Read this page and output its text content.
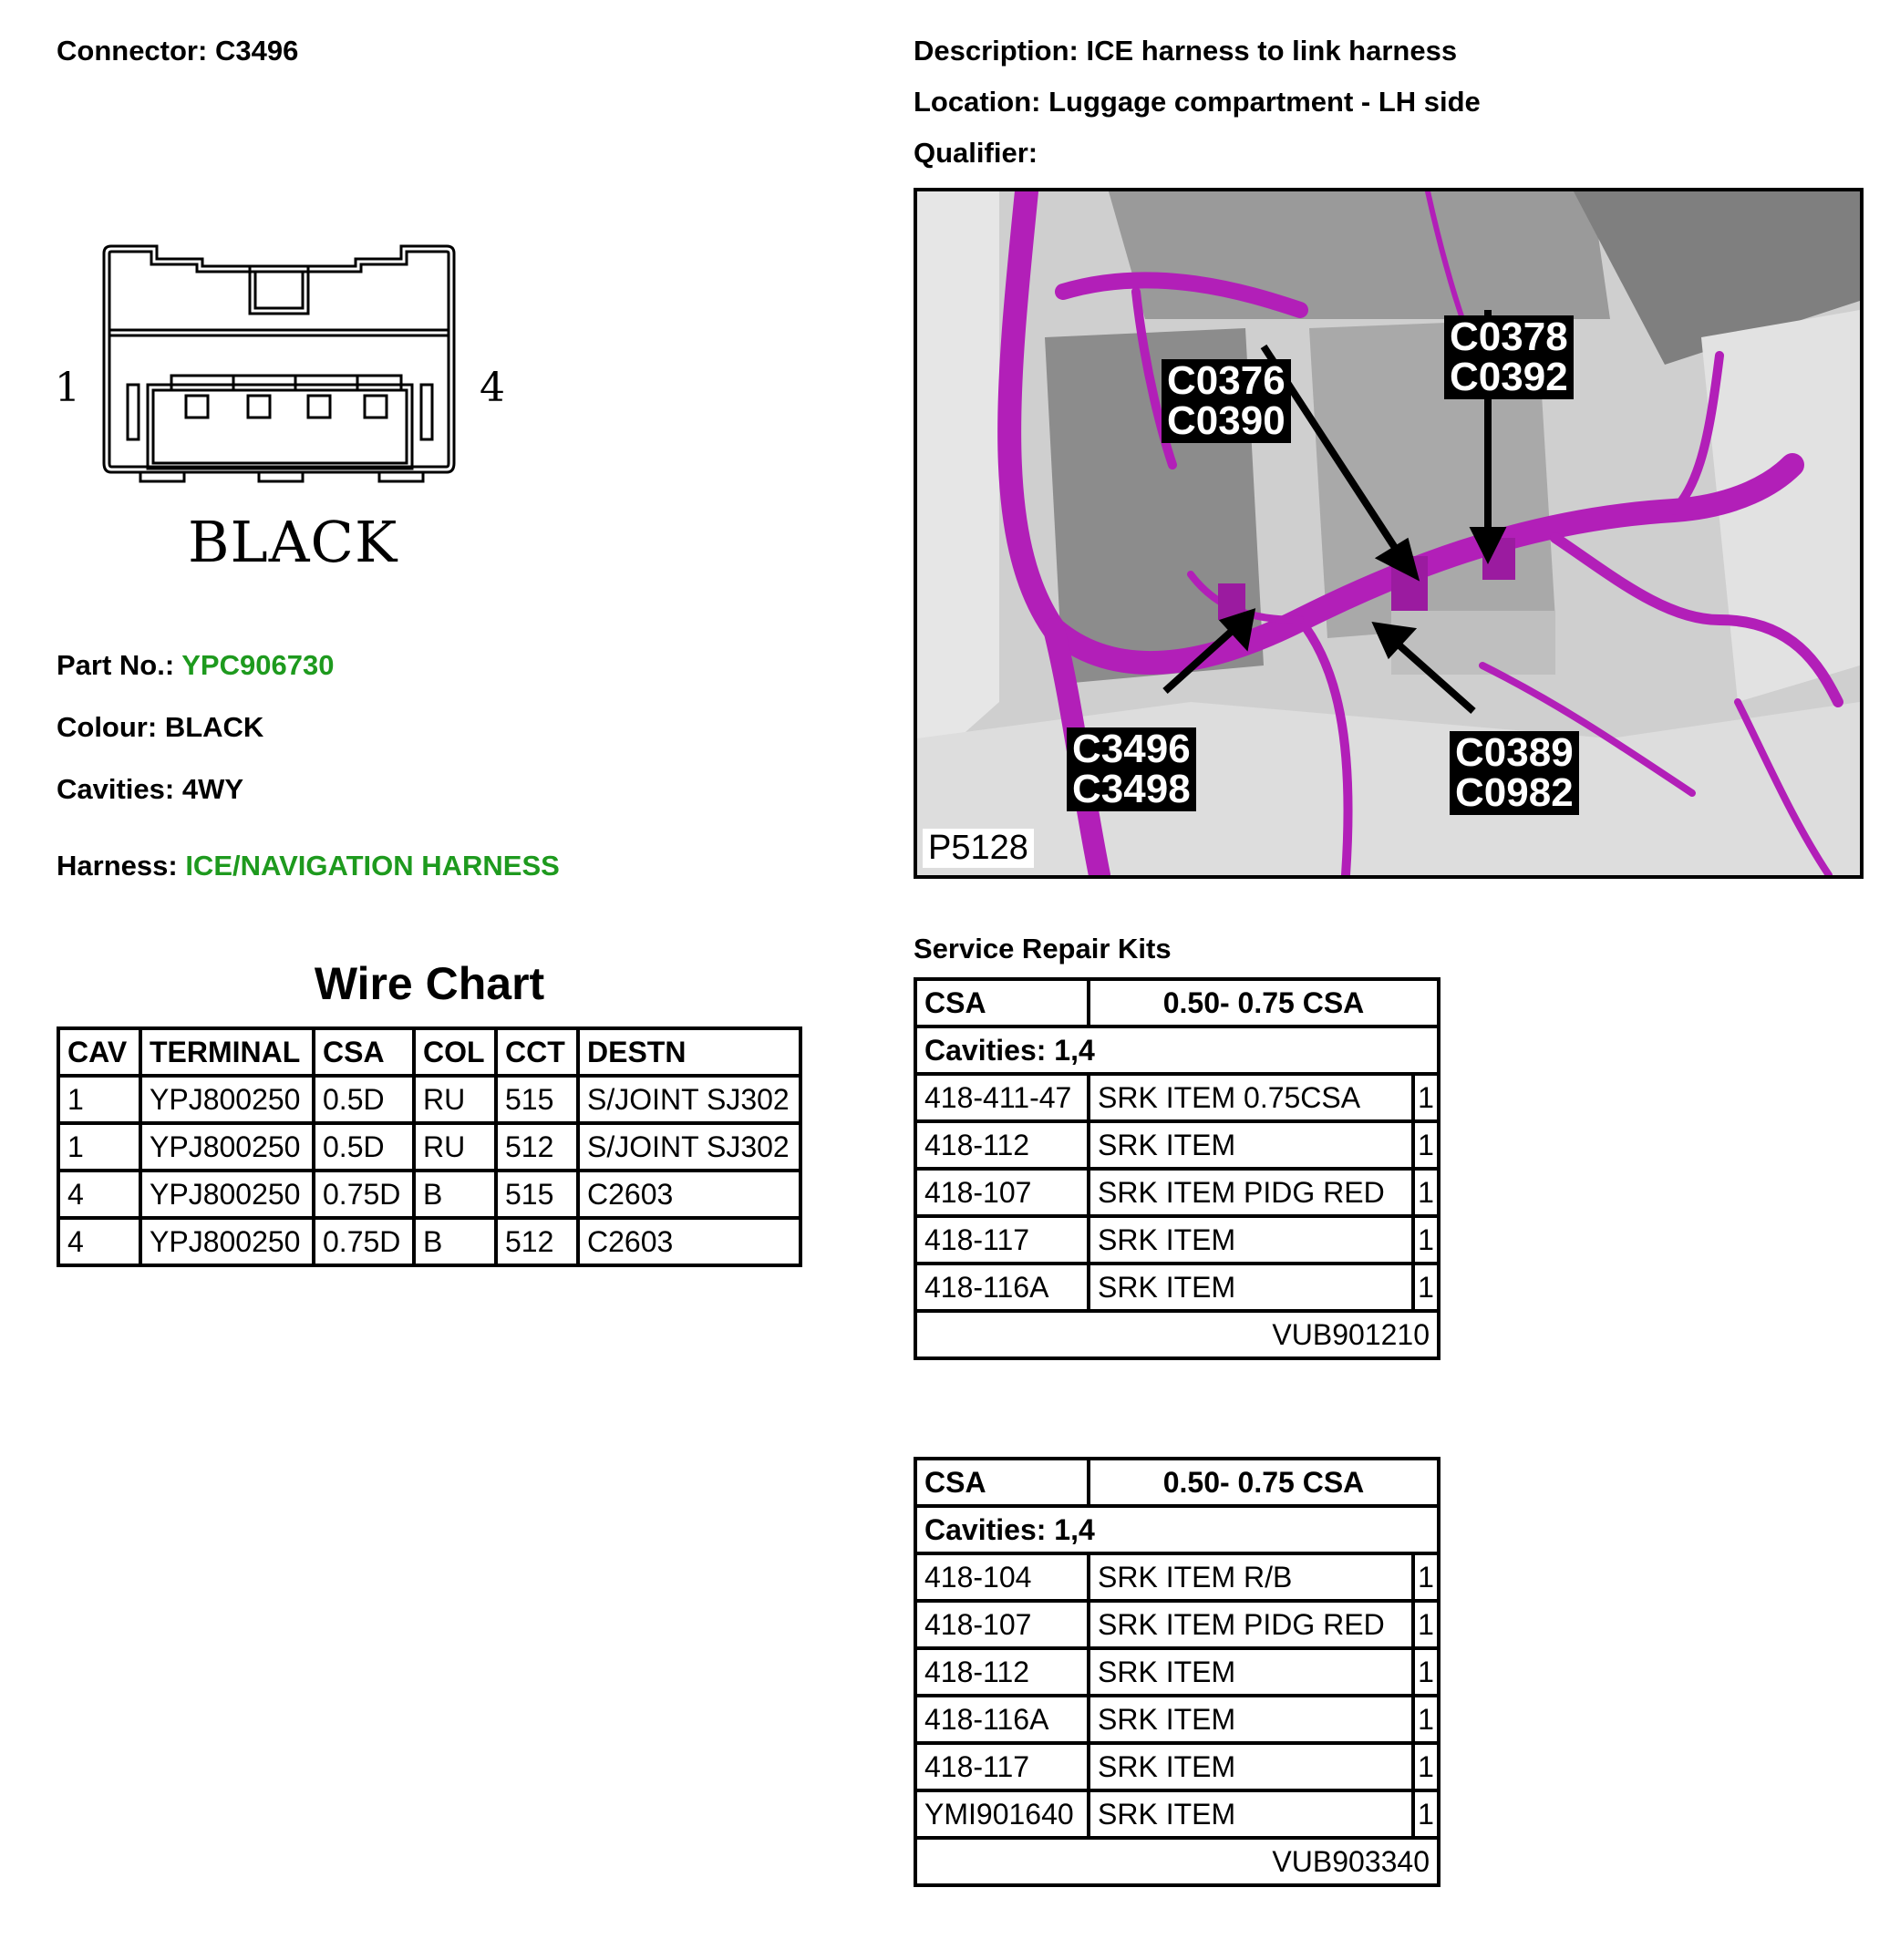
Connector: C3496	Description: ICE harness to link harness
Location: Luggage compartment - LH side
Qualifier:
1	4
BLACK
Part No.: YPC906730
Colour: BLACK
Cavities: 4WY
Harness: ICE/NAVIGATION HARNESS
Wire Chart
CAV	TERMINAL	CSA	COL	CCT	DESTN
1	YPJ800250	0.5D	RU	515	S/JOINT SJ302
1	YPJ800250	0.5D	RU	512	S/JOINT SJ302
4	YPJ800250	0.75D	B	515	C2603
4	YPJ800250	0.75D	B	512	C2603
C0376
C0390
C0378
C0392
C3496
C3498
C0389
C0982
P5128
Service Repair Kits
CSA	0.50- 0.75 CSA	
Cavities: 1,4		
418-411-47	SRK ITEM 0.75CSA	1
418-112	SRK ITEM	1
418-107	SRK ITEM PIDG RED	1
418-117	SRK ITEM	1
418-116A	SRK ITEM	1
VUB901210		
CSA	0.50- 0.75 CSA	
Cavities: 1,4		
418-104	SRK ITEM R/B	1
418-107	SRK ITEM PIDG RED	1
418-112	SRK ITEM	1
418-116A	SRK ITEM	1
418-117	SRK ITEM	1
YMI901640	SRK ITEM	1
VUB903340		
